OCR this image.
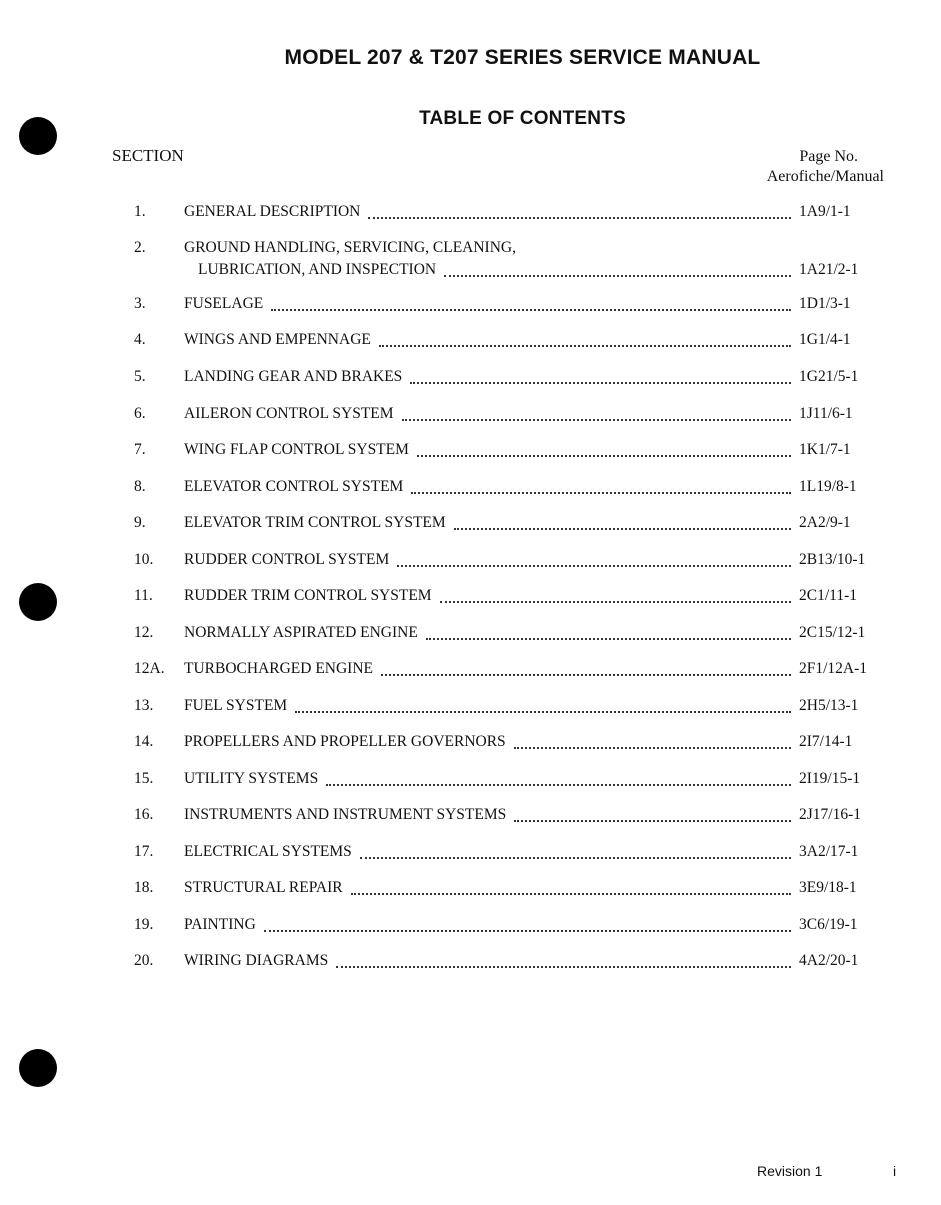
MODEL 207 & T207 SERIES SERVICE MANUAL
TABLE OF CONTENTS
SECTION	Page No.
Aerofiche/Manual
1.	GENERAL DESCRIPTION	1A9/1-1
2.	GROUND HANDLING, SERVICING, CLEANING,
LUBRICATION, AND INSPECTION	1A21/2-1
3.	FUSELAGE	1D1/3-1
4.	WINGS AND EMPENNAGE	1G1/4-1
5.	LANDING GEAR AND BRAKES	1G21/5-1
6.	AILERON CONTROL SYSTEM	1J11/6-1
7.	WING FLAP CONTROL SYSTEM	1K1/7-1
8.	ELEVATOR CONTROL SYSTEM	1L19/8-1
9.	ELEVATOR TRIM CONTROL SYSTEM	2A2/9-1
10.	RUDDER CONTROL SYSTEM	2B13/10-1
11.	RUDDER TRIM CONTROL SYSTEM	2C1/11-1
12.	NORMALLY ASPIRATED ENGINE	2C15/12-1
12A.	TURBOCHARGED ENGINE	2F1/12A-1
13.	FUEL SYSTEM	2H5/13-1
14.	PROPELLERS AND PROPELLER GOVERNORS	2I7/14-1
15.	UTILITY SYSTEMS	2I19/15-1
16.	INSTRUMENTS AND INSTRUMENT SYSTEMS	2J17/16-1
17.	ELECTRICAL SYSTEMS	3A2/17-1
18.	STRUCTURAL REPAIR	3E9/18-1
19.	PAINTING	3C6/19-1
20.	WIRING DIAGRAMS	4A2/20-1
Revision 1	i
